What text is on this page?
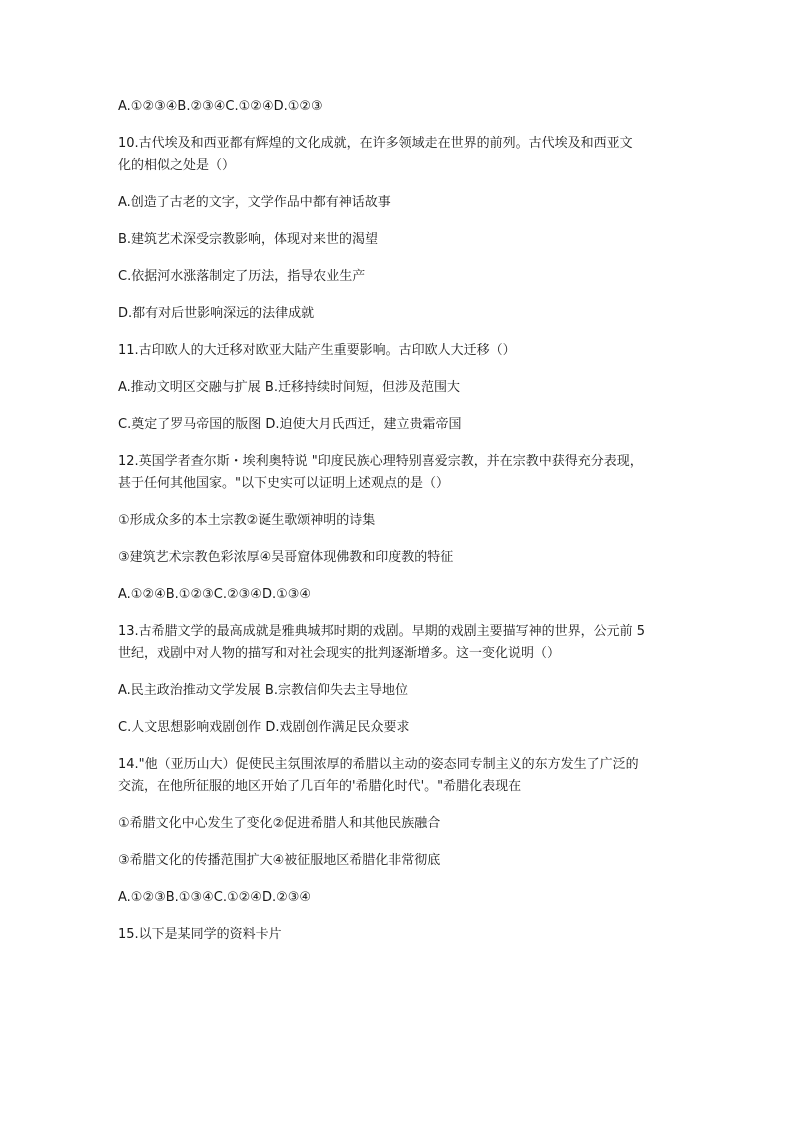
A.①②③④B.②③④C.①②④D.①②③

10.古代埃及和西亚都有辉煌的文化成就，在许多领域走在世界的前列。古代埃及和西亚文

化的相似之处是（）

A.创造了古老的文字，文学作品中都有神话故事

B.建筑艺术深受宗教影响，体现对来世的渴望

C.依据河水涨落制定了历法，指导农业生产

D.都有对后世影响深远的法律成就

11.古印欧人的大迁移对欧亚大陆产生重要影响。古印欧人大迁移（）

A.推动文明区交融与扩展 B.迁移持续时间短，但涉及范围大

C.奠定了罗马帝国的版图 D.迫使大月氏西迁，建立贵霜帝国

12.英国学者查尔斯・埃利奥特说 "印度民族心理特别喜爱宗教，并在宗教中获得充分表现，

甚于任何其他国家。"以下史实可以证明上述观点的是（）

①形成众多的本土宗教②诞生歌颂神明的诗集

③建筑艺术宗教色彩浓厚④吴哥窟体现佛教和印度教的特征

A.①②④B.①②③C.②③④D.①③④

13.古希腊文学的最高成就是雅典城邦时期的戏剧。早期的戏剧主要描写神的世界，公元前 5

世纪，戏剧中对人物的描写和对社会现实的批判逐渐增多。这一变化说明（）

A.民主政治推动文学发展 B.宗教信仰失去主导地位

C.人文思想影响戏剧创作 D.戏剧创作满足民众要求

14."他（亚历山大）促使民主氛围浓厚的希腊以主动的姿态同专制主义的东方发生了广泛的

交流，在他所征服的地区开始了几百年的'希腊化时代'。"希腊化表现在

①希腊文化中心发生了变化②促进希腊人和其他民族融合

③希腊文化的传播范围扩大④被征服地区希腊化非常彻底

A.①②③B.①③④C.①②④D.②③④

15.以下是某同学的资料卡片
